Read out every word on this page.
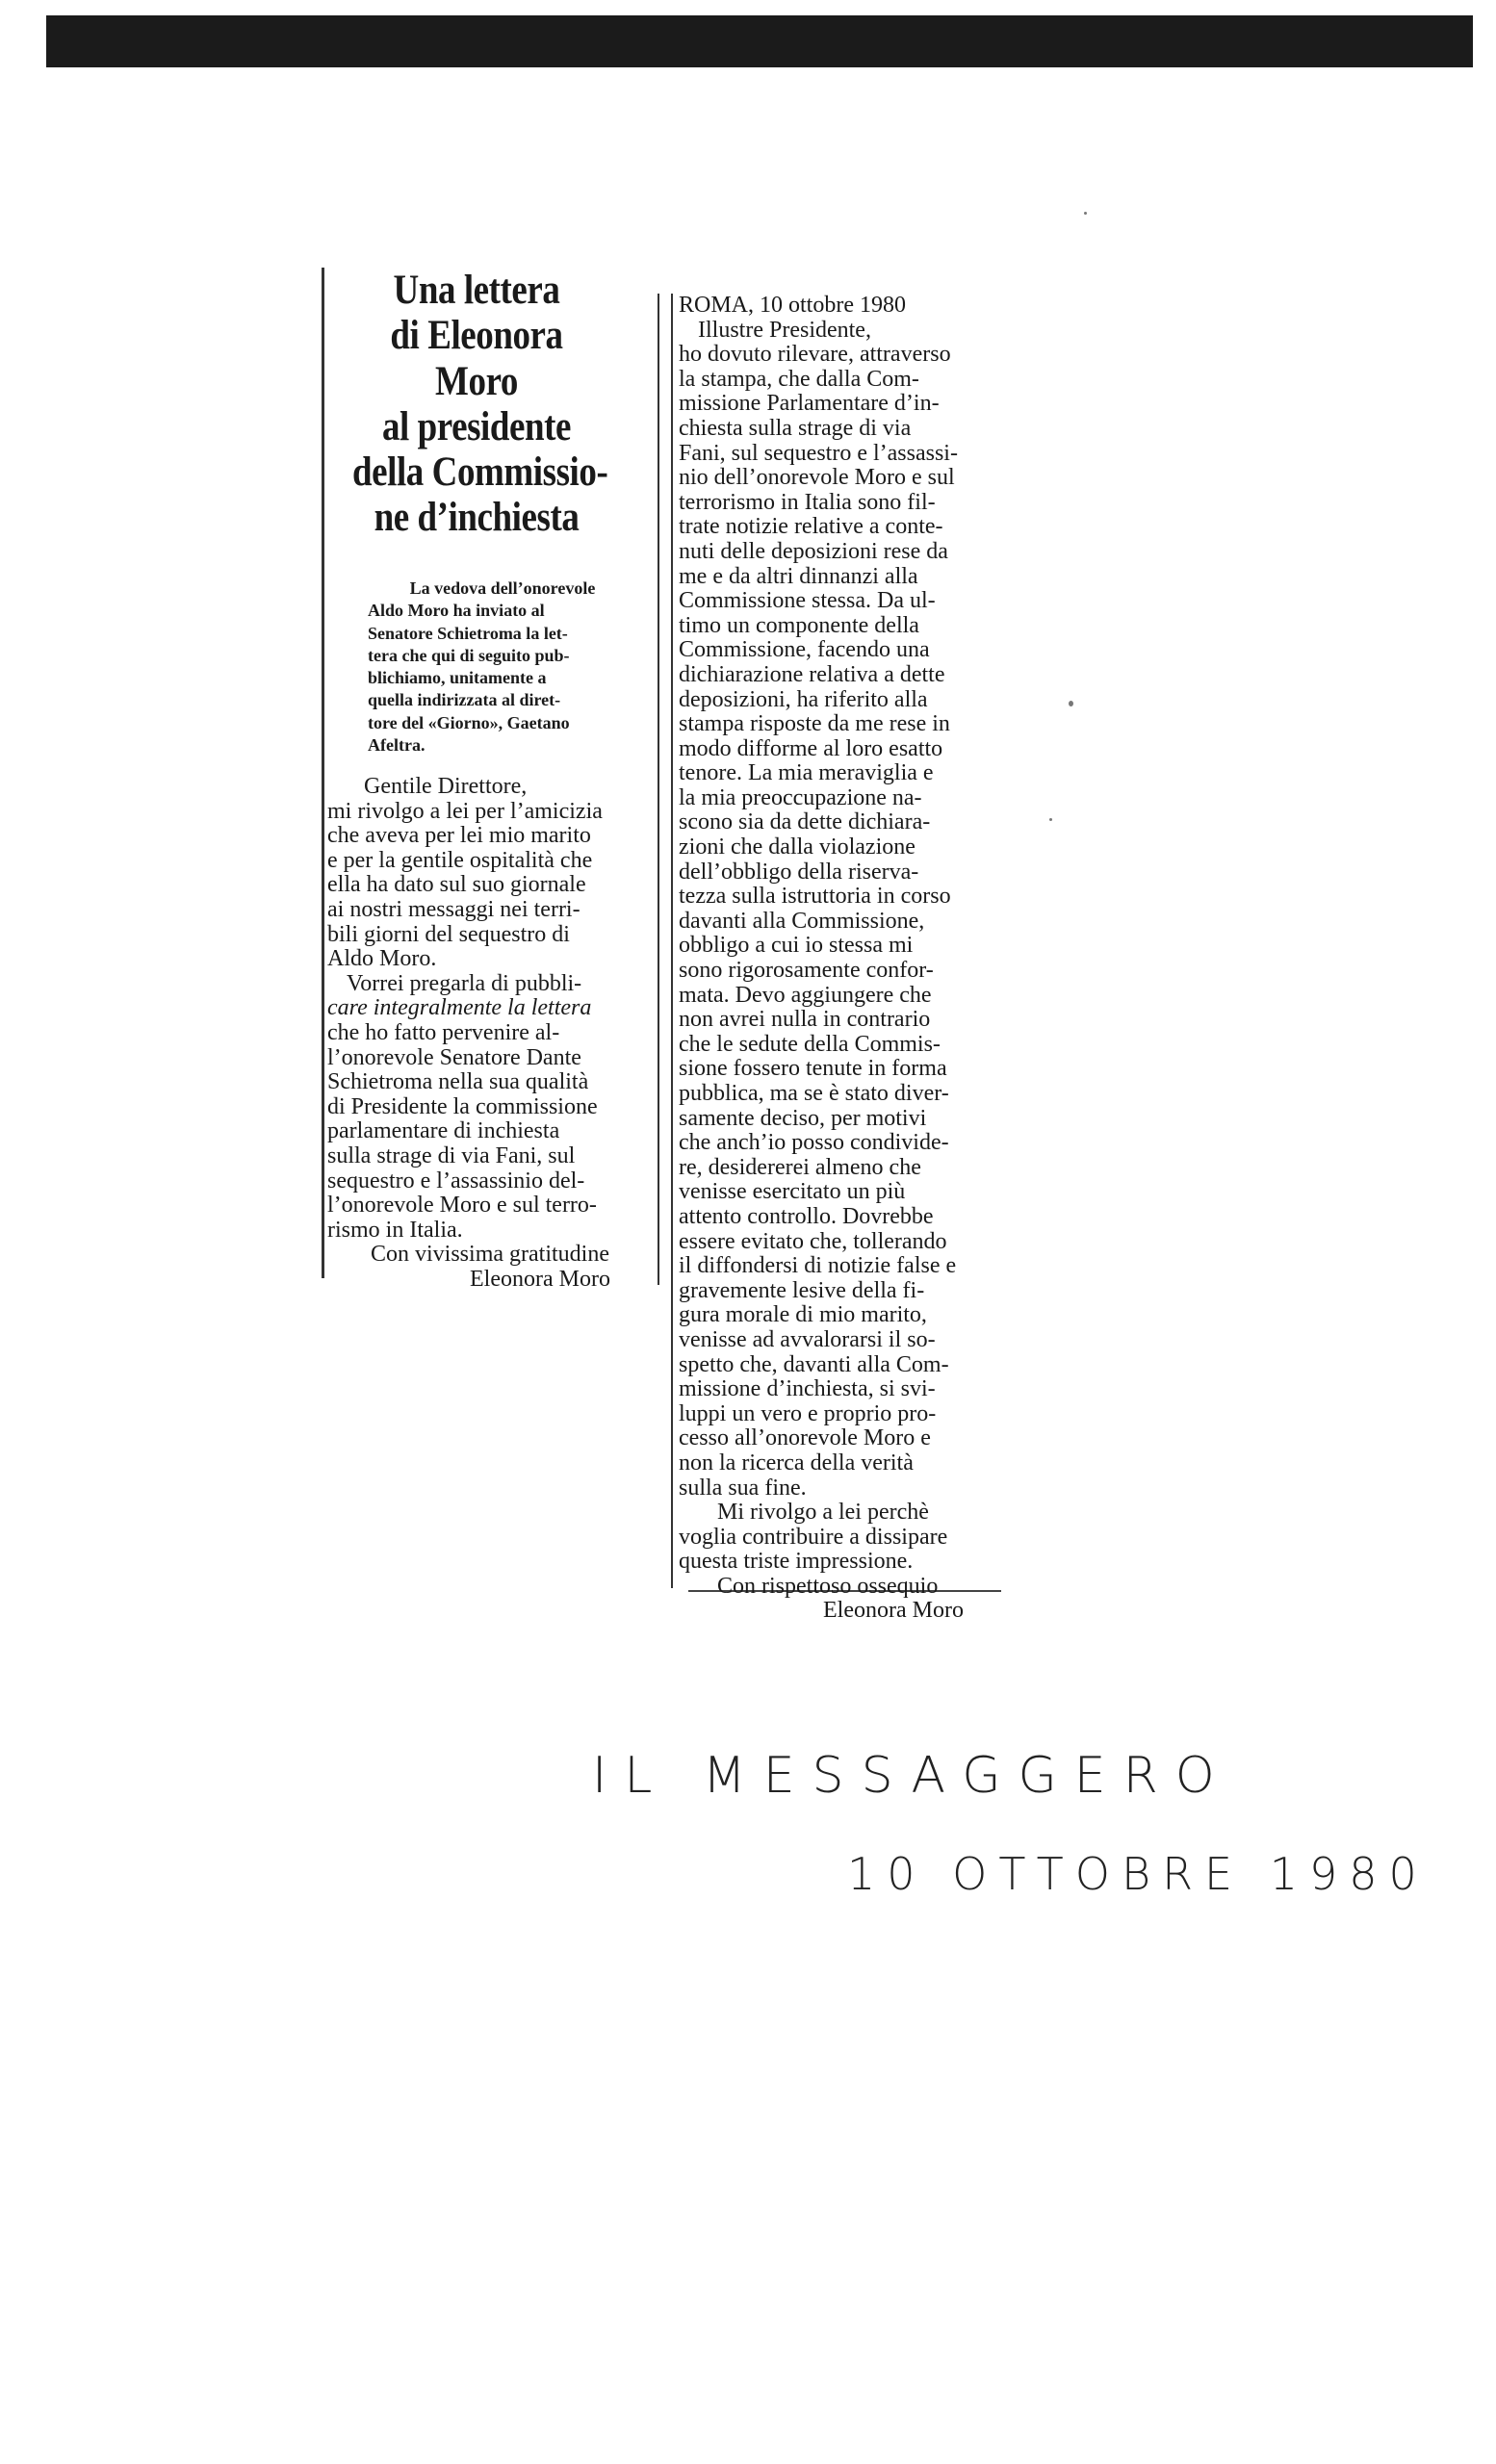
Una lettera
di Eleonora
Moro
al presidente
della Commissio-
ne d’inchiesta
La vedova dell’onorevole
Aldo Moro ha inviato al
Senatore Schietroma la let-
tera che qui di seguito pub-
blichiamo, unitamente a
quella indirizzata al diret-
tore del «Giorno», Gaetano
Afeltra.
Gentile Direttore,
mi rivolgo a lei per l’amicizia
che aveva per lei mio marito
e per la gentile ospitalità che
ella ha dato sul suo giornale
ai nostri messaggi nei terri-
bili giorni del sequestro di
Aldo Moro.
Vorrei pregarla di pubbli-
care integralmente la lettera
che ho fatto pervenire al-
l’onorevole Senatore Dante
Schietroma nella sua qualità
di Presidente la commissione
parlamentare di inchiesta
sulla strage di via Fani, sul
sequestro e l’assassinio del-
l’onorevole Moro e sul terro-
rismo in Italia.
Con vivissima gratitudine
Eleonora Moro
ROMA, 10 ottobre 1980
Illustre Presidente,
ho dovuto rilevare, attraverso
la stampa, che dalla Com-
missione Parlamentare d’in-
chiesta sulla strage di via
Fani, sul sequestro e l’assassi-
nio dell’onorevole Moro e sul
terrorismo in Italia sono fil-
trate notizie relative a conte-
nuti delle deposizioni rese da
me e da altri dinnanzi alla
Commissione stessa. Da ul-
timo un componente della
Commissione, facendo una
dichiarazione relativa a dette
deposizioni, ha riferito alla
stampa risposte da me rese in
modo difforme al loro esatto
tenore. La mia meraviglia e
la mia preoccupazione na-
scono sia da dette dichiara-
zioni che dalla violazione
dell’obbligo della riserva-
tezza sulla istruttoria in corso
davanti alla Commissione,
obbligo a cui io stessa mi
sono rigorosamente confor-
mata. Devo aggiungere che
non avrei nulla in contrario
che le sedute della Commis-
sione fossero tenute in forma
pubblica, ma se è stato diver-
samente deciso, per motivi
che anch’io posso condivide-
re, desidererei almeno che
venisse esercitato un più
attento controllo. Dovrebbe
essere evitato che, tollerando
il diffondersi di notizie false e
gravemente lesive della fi-
gura morale di mio marito,
venisse ad avvalorarsi il so-
spetto che, davanti alla Com-
missione d’inchiesta, si svi-
luppi un vero e proprio pro-
cesso all’onorevole Moro e
non la ricerca della verità
sulla sua fine.
Mi rivolgo a lei perchè
voglia contribuire a dissipare
questa triste impressione.
Con rispettoso ossequio
Eleonora Moro
IL MESSAGGERO
10 OTTOBRE 1980
